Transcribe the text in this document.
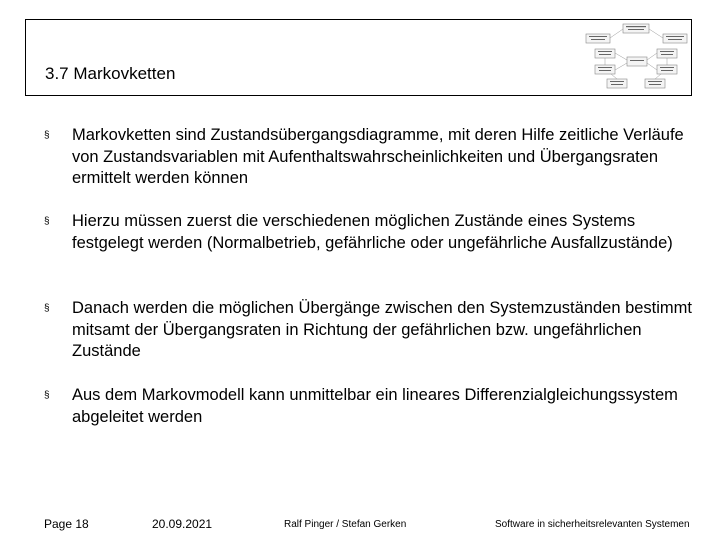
3.7 Markovketten
§	Markovketten sind Zustandsübergangsdiagramme, mit deren Hilfe zeitliche Verläufe von Zustandsvariablen mit Aufenthaltswahrscheinlichkeiten und Übergangsraten ermittelt werden können
§	Hierzu müssen zuerst die verschiedenen möglichen Zustände eines Systems festgelegt werden (Normalbetrieb, gefährliche oder ungefährliche Ausfallzustände)
§	Danach werden die möglichen Übergänge zwischen den Systemzuständen bestimmt mitsamt der Übergangsraten in Richtung der gefährlichen bzw. ungefährlichen Zustände
§	Aus dem Markovmodell kann unmittelbar ein lineares Differenzialgleichungssystem abgeleitet werden
Page 18	20.09.2021	Ralf Pinger / Stefan Gerken	Software in sicherheitsrelevanten Systemen
